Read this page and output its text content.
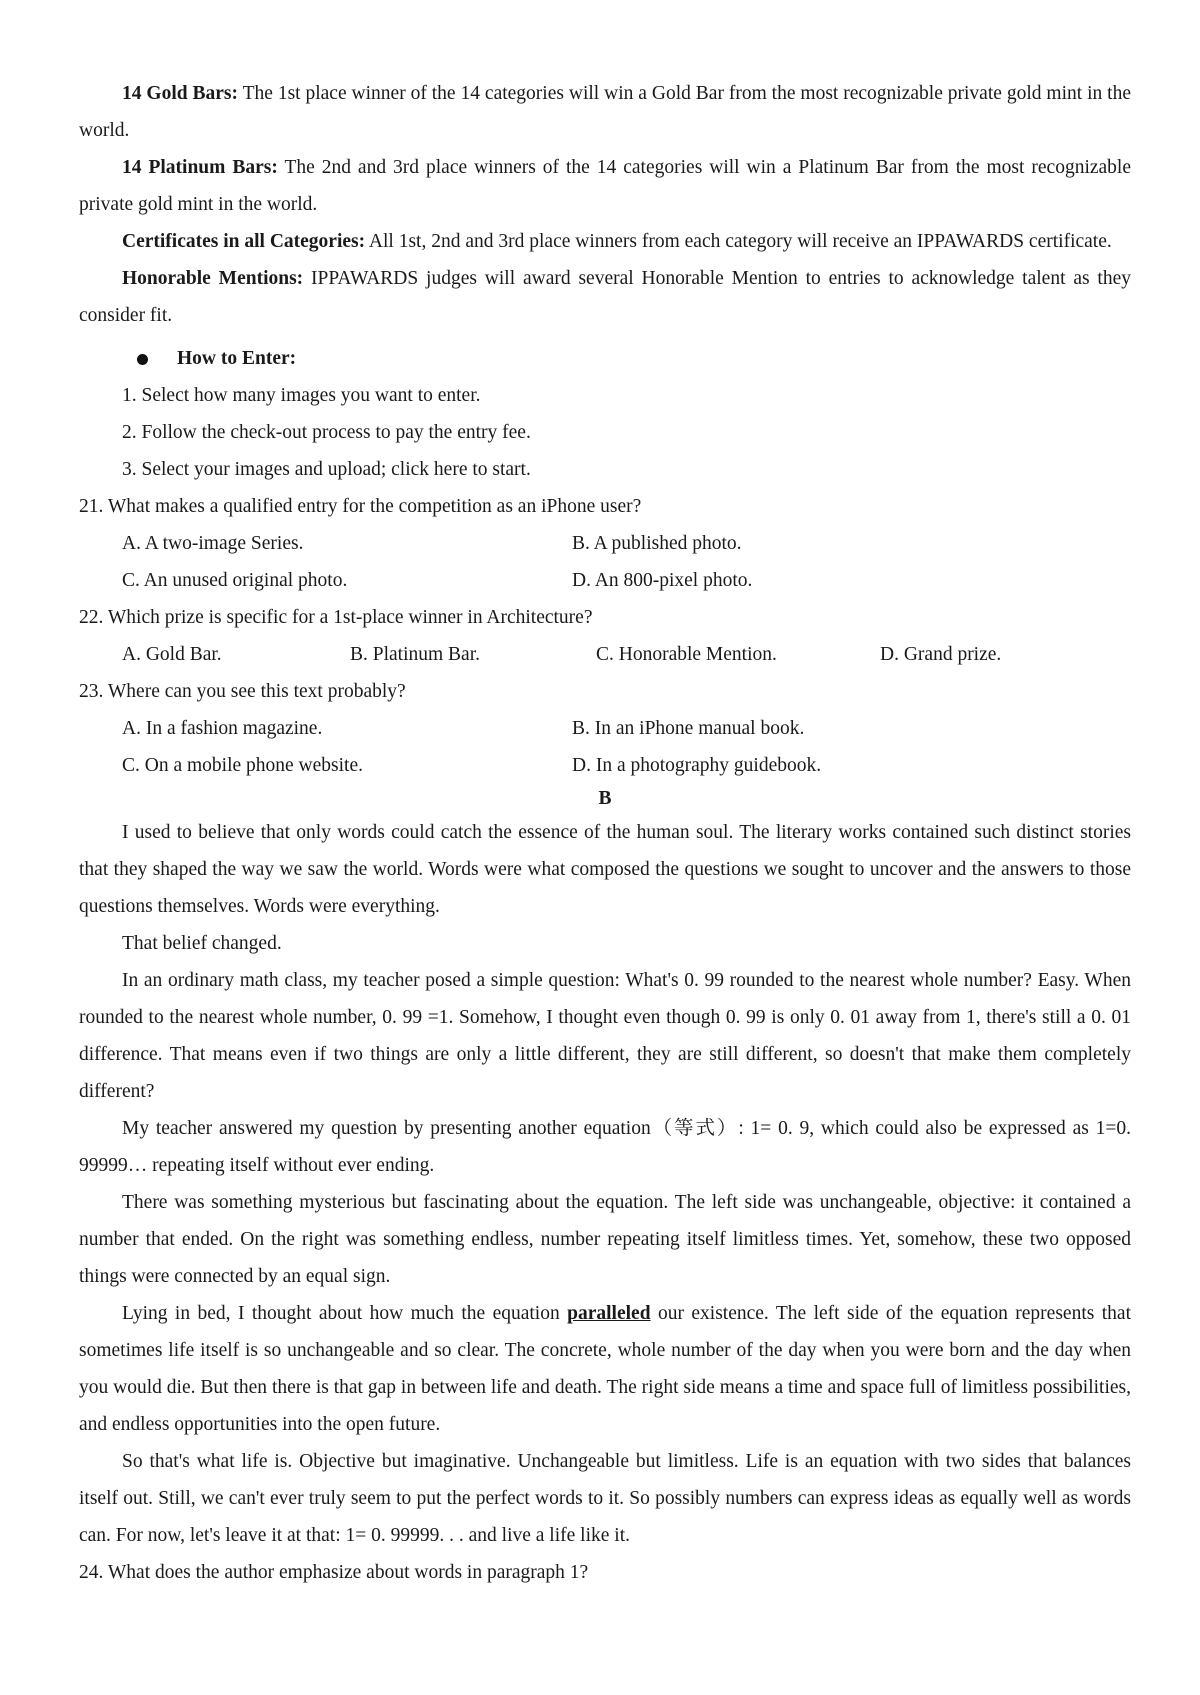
14 Gold Bars: The 1st place winner of the 14 categories will win a Gold Bar from the most recognizable private gold mint in the world.

14 Platinum Bars: The 2nd and 3rd place winners of the 14 categories will win a Platinum Bar from the most recognizable private gold mint in the world.

Certificates in all Categories: All 1st, 2nd and 3rd place winners from each category will receive an IPPAWARDS certificate.

Honorable Mentions: IPPAWARDS judges will award several Honorable Mention to entries to acknowledge talent as they consider fit.

How to Enter:
1. Select how many images you want to enter.
2. Follow the check-out process to pay the entry fee.
3. Select your images and upload; click here to start.
21. What makes a qualified entry for the competition as an iPhone user?
A. A two-image Series.	B. A published photo.
C. An unused original photo.	D. An 800-pixel photo.
22. Which prize is specific for a 1st-place winner in Architecture?
A. Gold Bar.	B. Platinum Bar.	C. Honorable Mention.	D. Grand prize.
23. Where can you see this text probably?
A. In a fashion magazine.	B. In an iPhone manual book.
C. On a mobile phone website.	D. In a photography guidebook.
B

I used to believe that only words could catch the essence of the human soul. The literary works contained such distinct stories that they shaped the way we saw the world. Words were what composed the questions we sought to uncover and the answers to those questions themselves. Words were everything.

That belief changed.

In an ordinary math class, my teacher posed a simple question: What's 0. 99 rounded to the nearest whole number? Easy. When rounded to the nearest whole number, 0. 99 =1. Somehow, I thought even though 0. 99 is only 0. 01 away from 1, there's still a 0. 01 difference. That means even if two things are only a little different, they are still different, so doesn't that make them completely different?

My teacher answered my question by presenting another equation（等式）: 1= 0. 9, which could also be expressed as 1=0. 99999… repeating itself without ever ending.

There was something mysterious but fascinating about the equation. The left side was unchangeable, objective: it contained a number that ended. On the right was something endless, number repeating itself limitless times. Yet, somehow, these two opposed things were connected by an equal sign.

Lying in bed, I thought about how much the equation paralleled our existence. The left side of the equation represents that sometimes life itself is so unchangeable and so clear. The concrete, whole number of the day when you were born and the day when you would die. But then there is that gap in between life and death. The right side means a time and space full of limitless possibilities, and endless opportunities into the open future.

So that's what life is. Objective but imaginative. Unchangeable but limitless. Life is an equation with two sides that balances itself out. Still, we can't ever truly seem to put the perfect words to it. So possibly numbers can express ideas as equally well as words can. For now, let's leave it at that: 1= 0. 99999. . . and live a life like it.

24. What does the author emphasize about words in paragraph 1?
